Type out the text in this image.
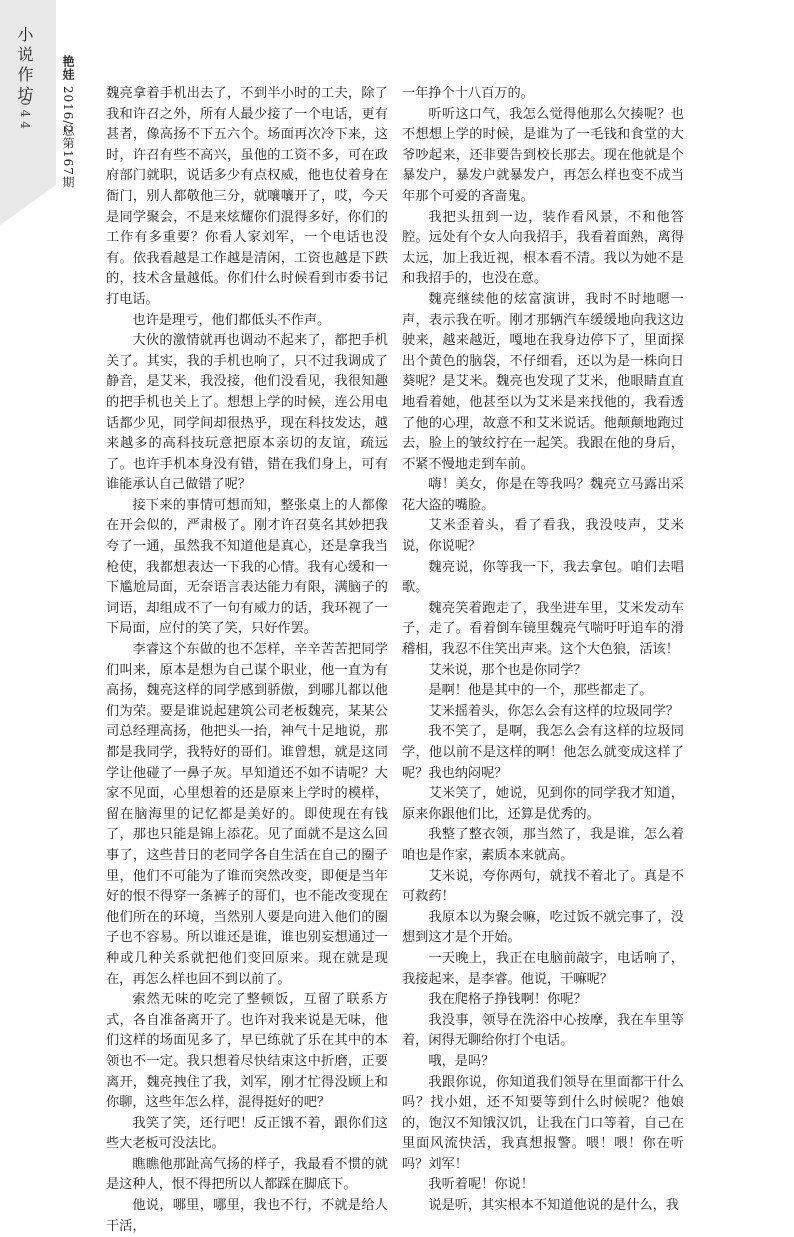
小说作坊
044
艳娃 2016/2
总第167期

魏亮拿着手机出去了，不到半小时的工夫，除了我和许召之外，所有人最少接了一个电话，更有甚者，像高扬不下五六个。场面再次冷下来，这时，许召有些不高兴，虽他的工资不多，可在政府部门就职，说话多少有点权威，他也仗着身在衙门，别人都敬他三分，就嚷嚷开了，哎，今天是同学聚会，不是来炫耀你们混得多好，你们的工作有多重要？你看人家刘军，一个电话也没有。依我看越是工作越是清闲，工资也越是下跌的，技术含量越低。你们什么时候看到市委书记打电话。

也许是理亏，他们都低头不作声。

大伙的激情就再也调动不起来了，都把手机关了。其实，我的手机也响了，只不过我调成了静音，是艾米，我没接，他们没看见，我很知趣的把手机也关上了。想想上学的时候，连公用电话都少见，同学间却很热乎，现在科技发达，越来越多的高科技玩意把原本亲切的友谊，疏远了。也许手机本身没有错，错在我们身上，可有谁能承认自己做错了呢？

接下来的事情可想而知，整张桌上的人都像在开会似的，严肃极了。刚才许召莫名其妙把我夸了一通，虽然我不知道他是真心，还是拿我当枪使，我都想表达一下我的心情。我有心缓和一下尴尬局面，无奈语言表达能力有限，满脑子的词语，却组成不了一句有威力的话，我环视了一下局面，应付的笑了笑，只好作罢。

李睿这个东做的也不怎样，辛辛苦苦把同学们叫来，原本是想为自己谋个职业，他一直为有高扬，魏亮这样的同学感到骄傲，到哪儿都以他们为荣。要是谁说起建筑公司老板魏亮，某某公司总经理高扬，他把头一抬，神气十足地说，那都是我同学，我特好的哥们。谁曾想，就是这同学让他碰了一鼻子灰。早知道还不如不请呢？大家不见面，心里想着的还是原来上学时的模样，留在脑海里的记忆都是美好的。即使现在有钱了，那也只能是锦上添花。见了面就不是这么回事了，这些昔日的老同学各自生活在自己的圈子里，他们不可能为了谁而突然改变，即便是当年好的恨不得穿一条裤子的哥们，也不能改变现在他们所在的环境，当然别人要是向进入他们的圈子也不容易。所以谁还是谁，谁也别妄想通过一种或几种关系就把他们变回原来。现在就是现在，再怎么样也回不到以前了。

索然无味的吃完了整顿饭，互留了联系方式，各自准备离开了。也许对我来说是无味，他们这样的场面见多了，早已练就了乐在其中的本领也不一定。我只想着尽快结束这中折磨，正要离开，魏亮拽住了我，刘军，刚才忙得没顾上和你聊，这些年怎么样，混得挺好的吧？

我笑了笑，还行吧！反正饿不着，跟你们这些大老板可没法比。

瞧瞧他那趾高气扬的样子，我最看不惯的就是这种人，恨不得把所以人都踩在脚底下。

他说，哪里，哪里，我也不行，不就是给人干活，

一年挣个十八百万的。

听听这口气，我怎么觉得他那么欠揍呢？也不想想上学的时候，是谁为了一毛钱和食堂的大爷吵起来，还非要告到校长那去。现在他就是个暴发户，暴发户就暴发户，再怎么样也变不成当年那个可爱的吝啬鬼。

我把头扭到一边，装作看风景，不和他答腔。远处有个女人向我招手，我看着面熟，离得太远，加上我近视，根本看不清。我以为她不是和我招手的，也没在意。

魏亮继续他的炫富演讲，我时不时地嗯一声，表示我在听。刚才那辆汽车缓缓地向我这边驶来，越来越近，嘎地在我身边停下了，里面探出个黄色的脑袋，不仔细看，还以为是一株向日葵呢？是艾米。魏亮也发现了艾米，他眼睛直直地看着她，他甚至以为艾米是来找他的，我看透了他的心理，故意不和艾米说话。他颠颠地跑过去，脸上的皱纹拧在一起笑。我跟在他的身后，不紧不慢地走到车前。

嗨！美女，你是在等我吗？魏亮立马露出采花大盗的嘴脸。

艾米歪着头，看了看我，我没吱声，艾米说，你说呢？

魏亮说，你等我一下，我去拿包。咱们去唱歌。

魏亮笑着跑走了，我坐进车里，艾米发动车子，走了。看着倒车镜里魏亮气喘吁吁追车的滑稽相，我忍不住笑出声来。这个大色狼，活该！

艾米说，那个也是你同学？

是啊！他是其中的一个，那些都走了。

艾米摇着头，你怎么会有这样的垃圾同学？

我不笑了，是啊，我怎么会有这样的垃圾同学，他以前不是这样的啊！他怎么就变成这样了呢？我也纳闷呢？

艾米笑了，她说，见到你的同学我才知道，原来你跟他们比，还算是优秀的。

我整了整衣领，那当然了，我是谁，怎么着咱也是作家，素质本来就高。

艾米说，夸你两句，就找不着北了。真是不可救药！

我原本以为聚会嘛，吃过饭不就完事了，没想到这才是个开始。

一天晚上，我正在电脑前敲字，电话响了，我接起来，是李睿。他说，干嘛呢？

我在爬格子挣钱啊！你呢？

我没事，领导在洗浴中心按摩，我在车里等着，闲得无聊给你打个电话。

哦，是吗？

我跟你说，你知道我们领导在里面都干什么吗？找小姐，还不知要等到什么时候呢？他娘的，饱汉不知饿汉饥，让我在门口等着，自己在里面风流快活，我真想报警。喂！喂！你在听吗？刘军！

我听着呢！你说！

说是听，其实根本不知道他说的是什么，我
